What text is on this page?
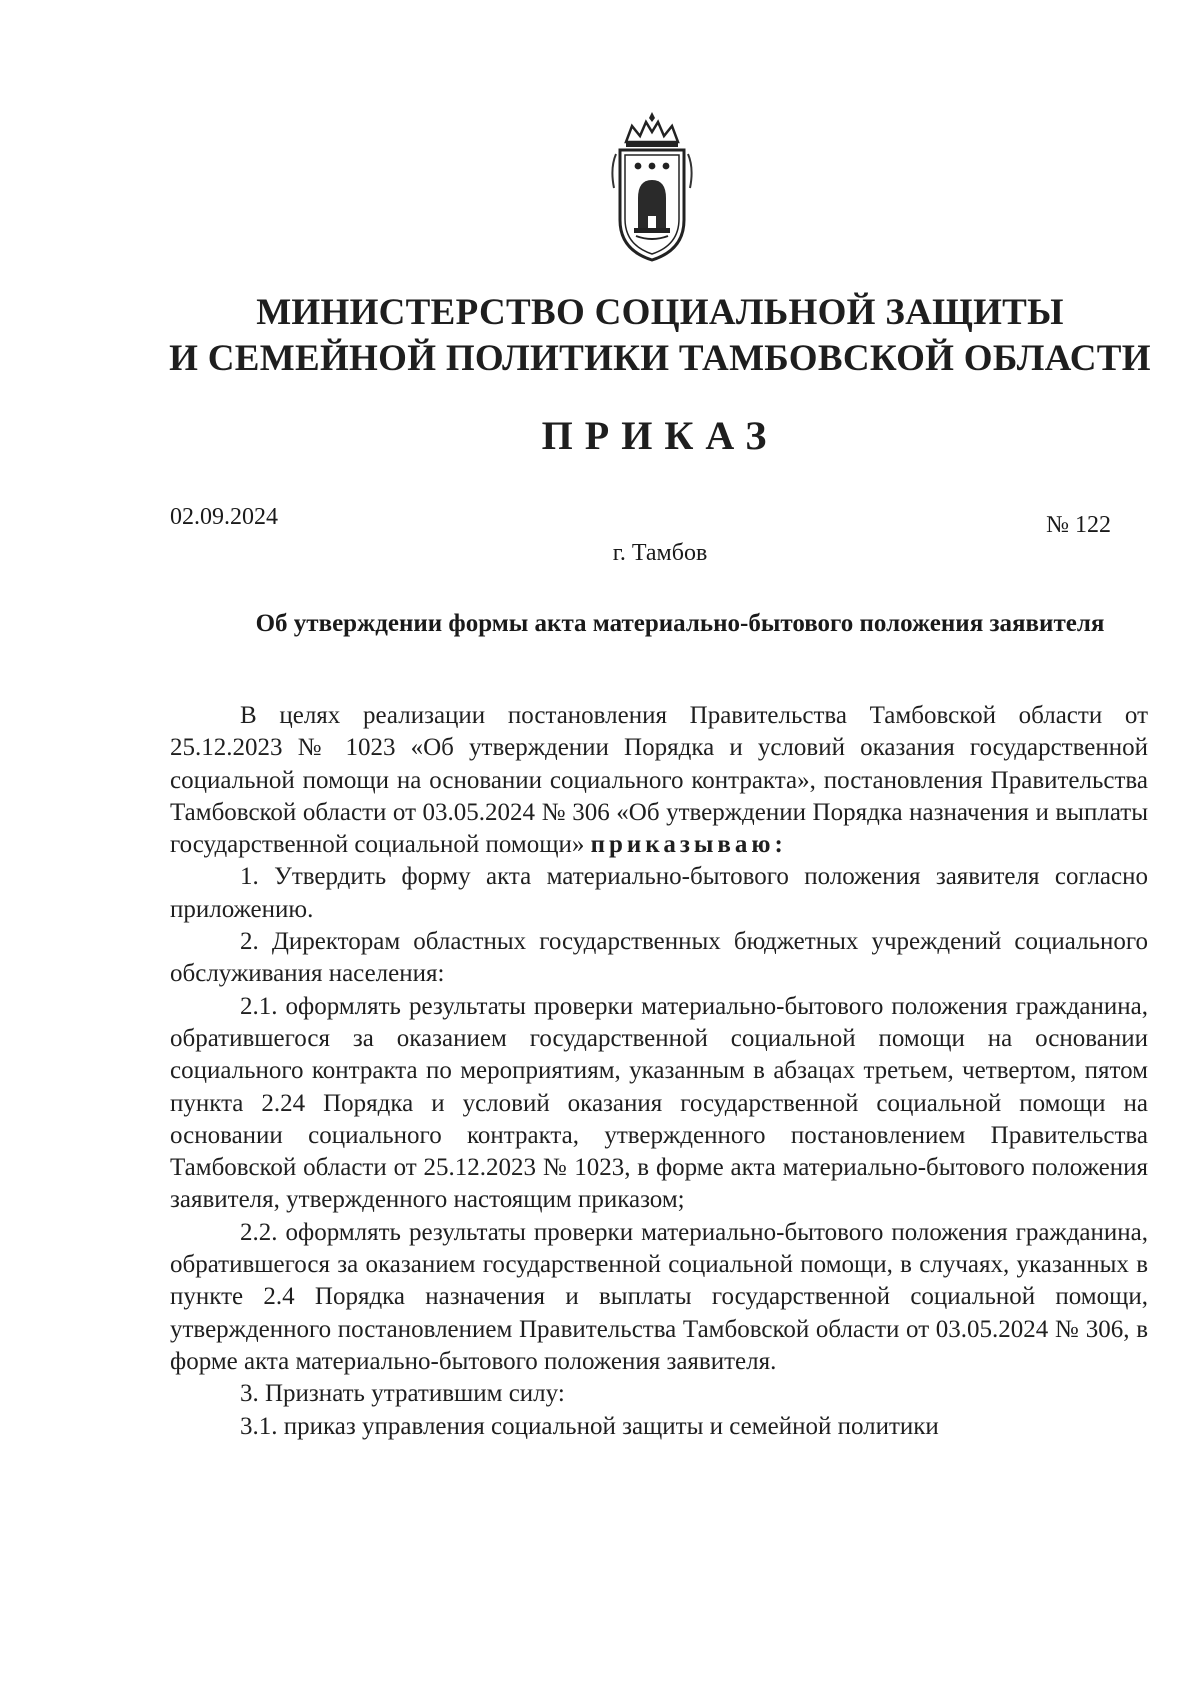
МИНИСТЕРСТВО СОЦИАЛЬНОЙ ЗАЩИТЫ
И СЕМЕЙНОЙ ПОЛИТИКИ ТАМБОВСКОЙ ОБЛАСТИ
ПРИКАЗ
02.09.2024	№ 122
г. Тамбов
Об утверждении формы акта материально-бытового положения заявителя

В целях реализации постановления Правительства Тамбовской области от 25.12.2023 № 1023 «Об утверждении Порядка и условий оказания государственной социальной помощи на основании социального контракта», постановления Правительства Тамбовской области от 03.05.2024 № 306 «Об утверждении Порядка назначения и выплаты государственной социальной помощи» приказываю:

1. Утвердить форму акта материально-бытового положения заявителя согласно приложению.

2. Директорам областных государственных бюджетных учреждений социального обслуживания населения:

2.1. оформлять результаты проверки материально-бытового положения гражданина, обратившегося за оказанием государственной социальной помощи на основании социального контракта по мероприятиям, указанным в абзацах третьем, четвертом, пятом пункта 2.24 Порядка и условий оказания государственной социальной помощи на основании социального контракта, утвержденного постановлением Правительства Тамбовской области от 25.12.2023 № 1023, в форме акта материально-бытового положения заявителя, утвержденного настоящим приказом;

2.2. оформлять результаты проверки материально-бытового положения гражданина, обратившегося за оказанием государственной социальной помощи, в случаях, указанных в пункте 2.4 Порядка назначения и выплаты государственной социальной помощи, утвержденного постановлением Правительства Тамбовской области от 03.05.2024 № 306, в форме акта материально-бытового положения заявителя.

3. Признать утратившим силу:

3.1. приказ управления социальной защиты и семейной политики
